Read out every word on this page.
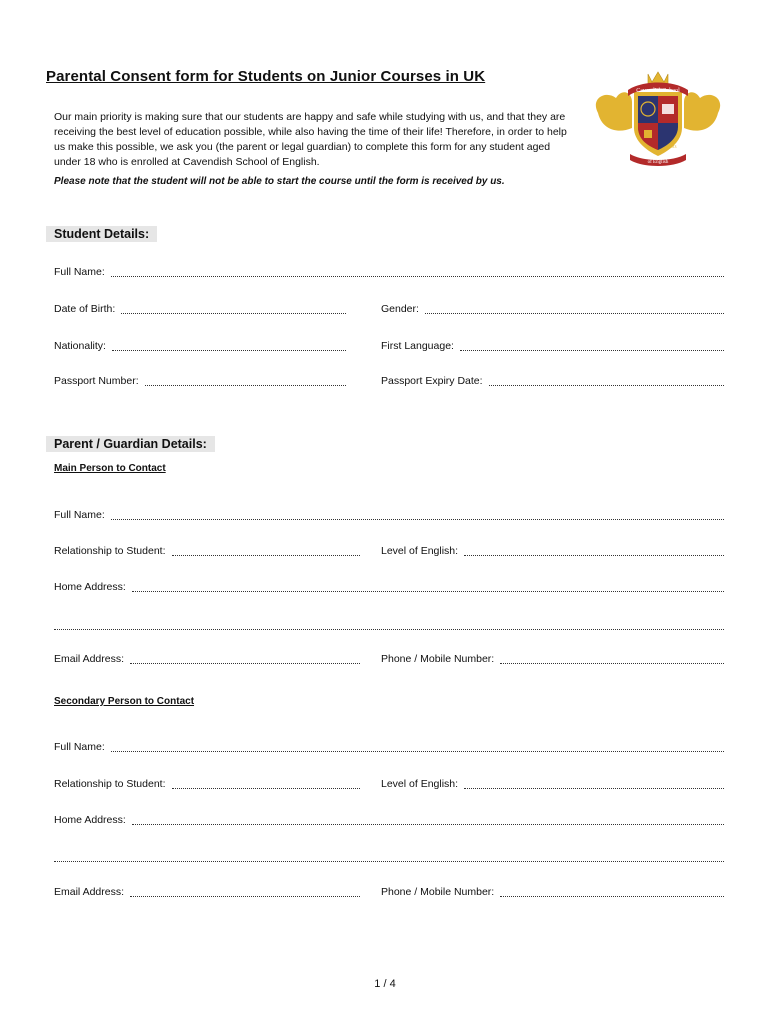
Parental Consent form for Students on Junior Courses in UK

Our main priority is making sure that our students are happy and safe while studying with us, and that they are receiving the best level of education possible, while also having the time of their life! Therefore, in order to help us make this possible, we ask you (the parent or legal guardian) to complete this form for any student aged under 18 who is enrolled at Cavendish School of English.

Please note that the student will not be able to start the course until the form is received by us.
Cavendish School
of English
1983
Student Details:
Full Name:
Date of Birth:	Gender:
Nationality:	First Language:
Passport Number:	Passport Expiry Date:
Parent / Guardian Details:
Main Person to Contact
Full Name:
Relationship to Student:	Level of English:
Home Address:
Email Address:	Phone / Mobile Number:
Secondary Person to Contact
Full Name:
Relationship to Student:	Level of English:
Home Address:
Email Address:	Phone / Mobile Number:
1 / 4
